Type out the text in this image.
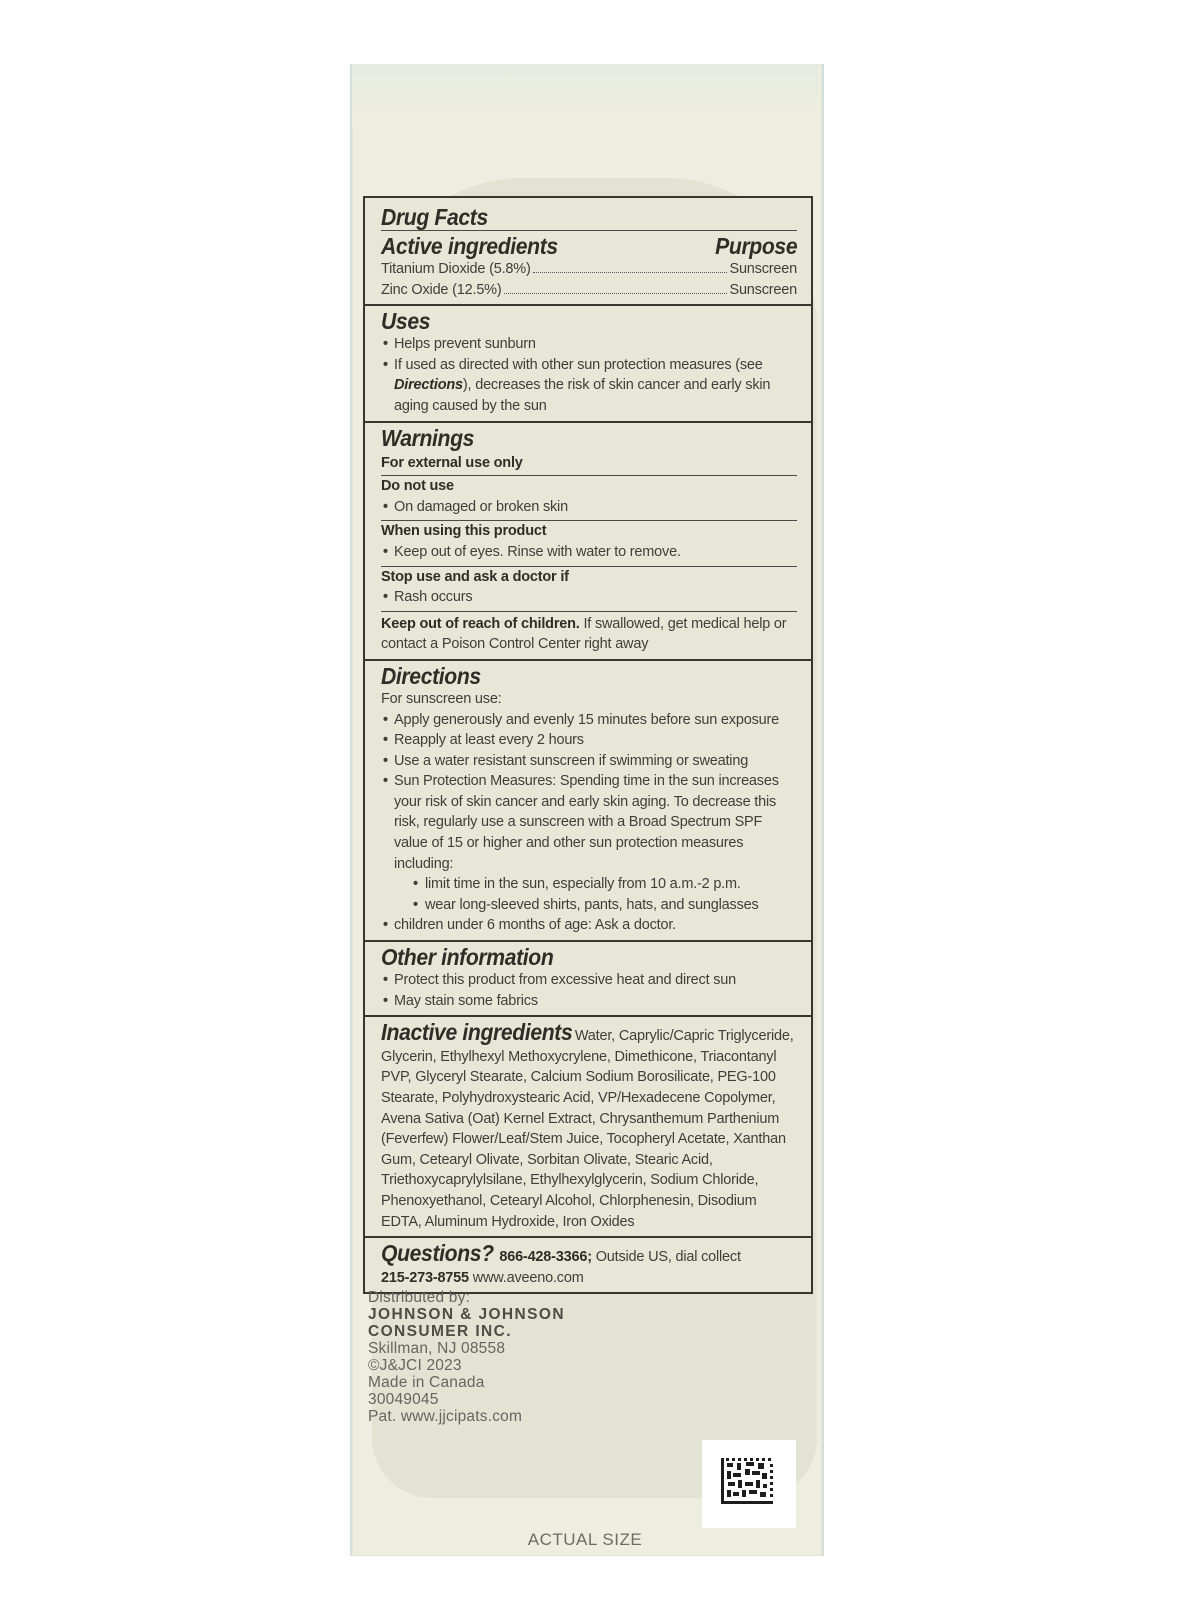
Drug Facts
Active ingredients	Purpose
Titanium Dioxide (5.8%)	Sunscreen
Zinc Oxide (12.5%)	Sunscreen
Uses
• Helps prevent sunburn
• If used as directed with other sun protection measures (see Directions), decreases the risk of skin cancer and early skin aging caused by the sun
Warnings
For external use only
Do not use
• On damaged or broken skin
When using this product
• Keep out of eyes. Rinse with water to remove.
Stop use and ask a doctor if
• Rash occurs
Keep out of reach of children. If swallowed, get medical help or contact a Poison Control Center right away
Directions
For sunscreen use:
• Apply generously and evenly 15 minutes before sun exposure
• Reapply at least every 2 hours
• Use a water resistant sunscreen if swimming or sweating
• Sun Protection Measures: Spending time in the sun increases your risk of skin cancer and early skin aging. To decrease this risk, regularly use a sunscreen with a Broad Spectrum SPF value of 15 or higher and other sun protection measures including:
• limit time in the sun, especially from 10 a.m.-2 p.m.
• wear long-sleeved shirts, pants, hats, and sunglasses
• children under 6 months of age: Ask a doctor.
Other information
• Protect this product from excessive heat and direct sun
• May stain some fabrics
Inactive ingredients Water, Caprylic/Capric Triglyceride, Glycerin, Ethylhexyl Methoxycrylene, Dimethicone, Triacontanyl PVP, Glyceryl Stearate, Calcium Sodium Borosilicate, PEG-100 Stearate, Polyhydroxystearic Acid, VP/Hexadecene Copolymer, Avena Sativa (Oat) Kernel Extract, Chrysanthemum Parthenium (Feverfew) Flower/Leaf/Stem Juice, Tocopheryl Acetate, Xanthan Gum, Cetearyl Olivate, Sorbitan Olivate, Stearic Acid, Triethoxycaprylylsilane, Ethylhexylglycerin, Sodium Chloride, Phenoxyethanol, Cetearyl Alcohol, Chlorphenesin, Disodium EDTA, Aluminum Hydroxide, Iron Oxides
Questions? 866-428-3366; Outside US, dial collect
215-273-8755 www.aveeno.com
Distributed by:
JOHNSON & JOHNSON
CONSUMER INC.
Skillman, NJ 08558
©J&JCI 2023
Made in Canada
30049045
Pat. www.jjcipats.com
ACTUAL SIZE
